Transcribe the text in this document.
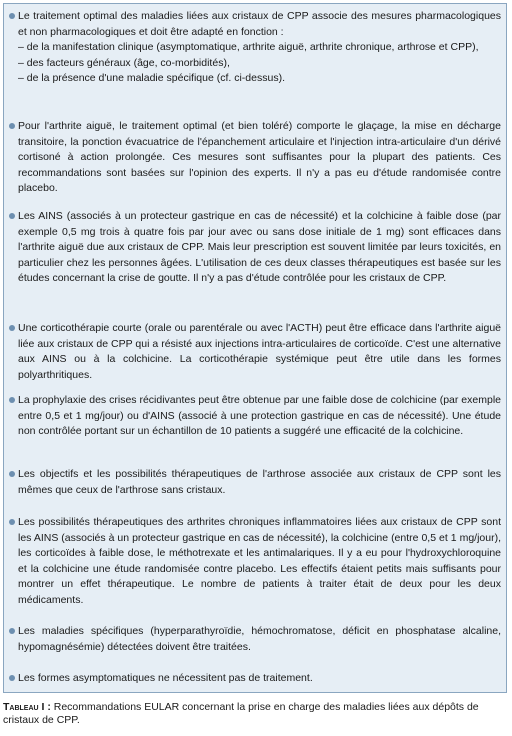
Le traitement optimal des maladies liées aux cristaux de CPP associe des mesures pharmacologiques et non pharmacologiques et doit être adapté en fonction :
– de la manifestation clinique (asymptomatique, arthrite aiguë, arthrite chronique, arthrose et CPP),
– des facteurs généraux (âge, co-morbidités),
– de la présence d'une maladie spécifique (cf. ci-dessus).
Pour l'arthrite aiguë, le traitement optimal (et bien toléré) comporte le glaçage, la mise en décharge transitoire, la ponction évacuatrice de l'épanchement articulaire et l'injection intra-articulaire d'un dérivé cortisoné à action prolongée. Ces mesures sont suffisantes pour la plupart des patients. Ces recommandations sont basées sur l'opinion des experts. Il n'y a pas eu d'étude randomisée contre placebo.
Les AINS (associés à un protecteur gastrique en cas de nécessité) et la colchicine à faible dose (par exemple 0,5 mg trois à quatre fois par jour avec ou sans dose initiale de 1 mg) sont efficaces dans l'arthrite aiguë due aux cristaux de CPP. Mais leur prescription est souvent limitée par leurs toxicités, en particulier chez les personnes âgées. L'utilisation de ces deux classes thérapeutiques est basée sur les études concernant la crise de goutte. Il n'y a pas d'étude contrôlée pour les cristaux de CPP.
Une corticothérapie courte (orale ou parentérale ou avec l'ACTH) peut être efficace dans l'arthrite aiguë liée aux cristaux de CPP qui a résisté aux injections intra-articulaires de corticoïde. C'est une alternative aux AINS ou à la colchicine. La corticothérapie systémique peut être utile dans les formes polyarthritiques.
La prophylaxie des crises récidivantes peut être obtenue par une faible dose de colchicine (par exemple entre 0,5 et 1 mg/jour) ou d'AINS (associé à une protection gastrique en cas de nécessité). Une étude non contrôlée portant sur un échantillon de 10 patients a suggéré une efficacité de la colchicine.
Les objectifs et les possibilités thérapeutiques de l'arthrose associée aux cristaux de CPP sont les mêmes que ceux de l'arthrose sans cristaux.
Les possibilités thérapeutiques des arthrites chroniques inflammatoires liées aux cristaux de CPP sont les AINS (associés à un protecteur gastrique en cas de nécessité), la colchicine (entre 0,5 et 1 mg/jour), les corticoïdes à faible dose, le méthotrexate et les antimalariques. Il y a eu pour l'hydroxychloroquine et la colchicine une étude randomisée contre placebo. Les effectifs étaient petits mais suffisants pour montrer un effet thérapeutique. Le nombre de patients à traiter était de deux pour les deux médicaments.
Les maladies spécifiques (hyperparathyroïdie, hémochromatose, déficit en phosphatase alcaline, hypomagnésémie) détectées doivent être traitées.
Les formes asymptomatiques ne nécessitent pas de traitement.
Tableau I : Recommandations EULAR concernant la prise en charge des maladies liées aux dépôts de cristaux de CPP.
